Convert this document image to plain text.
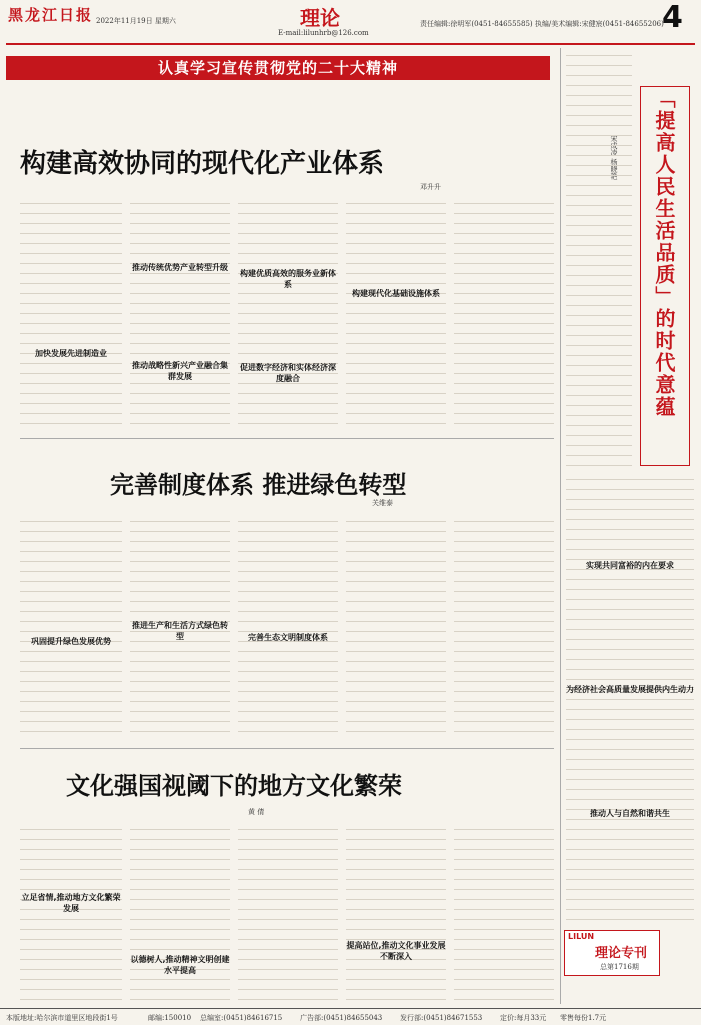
黑龙江日报 2022年11月19日 星期六	理论
E-mail:lilunhrb@126.com
责任编辑:徐明军(0451-84655585) 执编/美术编辑:宋健宸(0451-84655206)
4
认真学习宣传贯彻党的二十大精神
构建高效协同的现代化产业体系
邓升升
加快发展先进制造业
推动传统优势产业转型升级
推动战略性新兴产业融合集群发展
构建优质高效的服务业新体系
构建现代化基础设施体系
促进数字经济和实体经济深度融合
完善制度体系 推进绿色转型
关维泰
巩固提升绿色发展优势
推进生产和生活方式绿色转型	完善生态文明制度体系
文化强国视阈下的地方文化繁荣
黄 倩
立足省情,推动地方文化繁荣发展
以德树人,推动精神文明创建水平提高
提高站位,推动文化事业发展不断深入
「提高人民生活品质」的时代意蕴
宋成凌 杨晓艳
实现共同富裕的内在要求
为经济社会高质量发展提供内生动力
推动人与自然和谐共生
LILUN
理论专刊
总第1716期
本版地址:哈尔滨市道里区地段街1号	邮编:150010 总编室:(0451)84616715	广告部:(0451)84655043	发行部:(0451)84671553	定价:每月33元 零售每份1.7元
